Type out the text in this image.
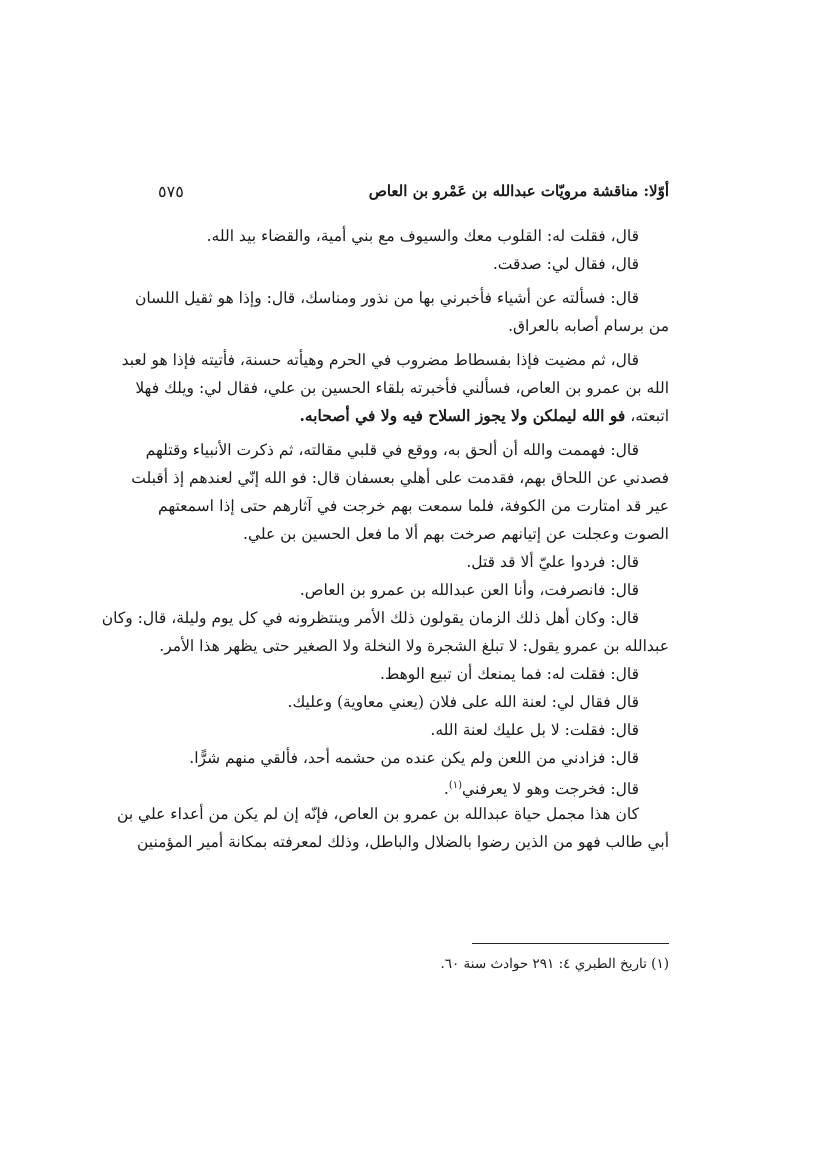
أوّلا: مناقشة مرويّات عبدالله بن عَمْرو بن العاص
٥٧٥
قال، فقلت له: القلوب معك والسيوف مع بني أمية، والقضاء بيد الله.
قال، فقال لي: صدقت.
قال: فسألته عن أشياء فأخبرني بها من نذور ومناسك، قال: وإذا هو ثقيل اللسان
من برسام أصابه بالعراق.
قال، ثم مضيت فإذا بفسطاط مضروب في الحرم وهيأته حسنة، فأتيته فإذا هو لعبد
الله بن عمرو بن العاص، فسألني فأخبرته بلقاء الحسين بن علي، فقال لي: ويلك فهلا
اتبعته، فو الله ليملكن ولا يجوز السلاح فيه ولا في أصحابه.
قال: فهممت والله أن ألحق به، ووقع في قلبي مقالته، ثم ذكرت الأنبياء وقتلهم
فصدني عن اللحاق بهم، فقدمت على أهلي بعسفان قال: فو الله إنّي لعندهم إذ أقبلت
عير قد امتارت من الكوفة، فلما سمعت بهم خرجت في آثارهم حتى إذا اسمعتهم
الصوت وعجلت عن إتيانهم صرخت بهم ألا ما فعل الحسين بن علي.
قال: فردوا عليّ ألا قد قتل.
قال: فانصرفت، وأنا العن عبدالله بن عمرو بن العاص.
قال: وكان أهل ذلك الزمان يقولون ذلك الأمر وينتظرونه في كل يوم وليلة، قال: وكان
عبدالله بن عمرو يقول: لا تبلغ الشجرة ولا النخلة ولا الصغير حتى يظهر هذا الأمر.
قال: فقلت له: فما يمنعك أن تبيع الوهط.
قال فقال لي: لعنة الله على فلان (يعني معاوية) وعليك.
قال: فقلت: لا بل عليك لعنة الله.
قال: فزادني من اللعن ولم يكن عنده من حشمه أحد، فألقي منهم شرًّا.
قال: فخرجت وهو لا يعرفني$^{(١)}$.
كان هذا مجمل حياة عبدالله بن عمرو بن العاص، فإنّه إن لم يكن من أعداء علي بن
أبي طالب فهو من الذين رضوا بالضلال والباطل، وذلك لمعرفته بمكانة أمير المؤمنين
(١) تاريخ الطبري ٤: ٢٩١ حوادث سنة ٦٠.
